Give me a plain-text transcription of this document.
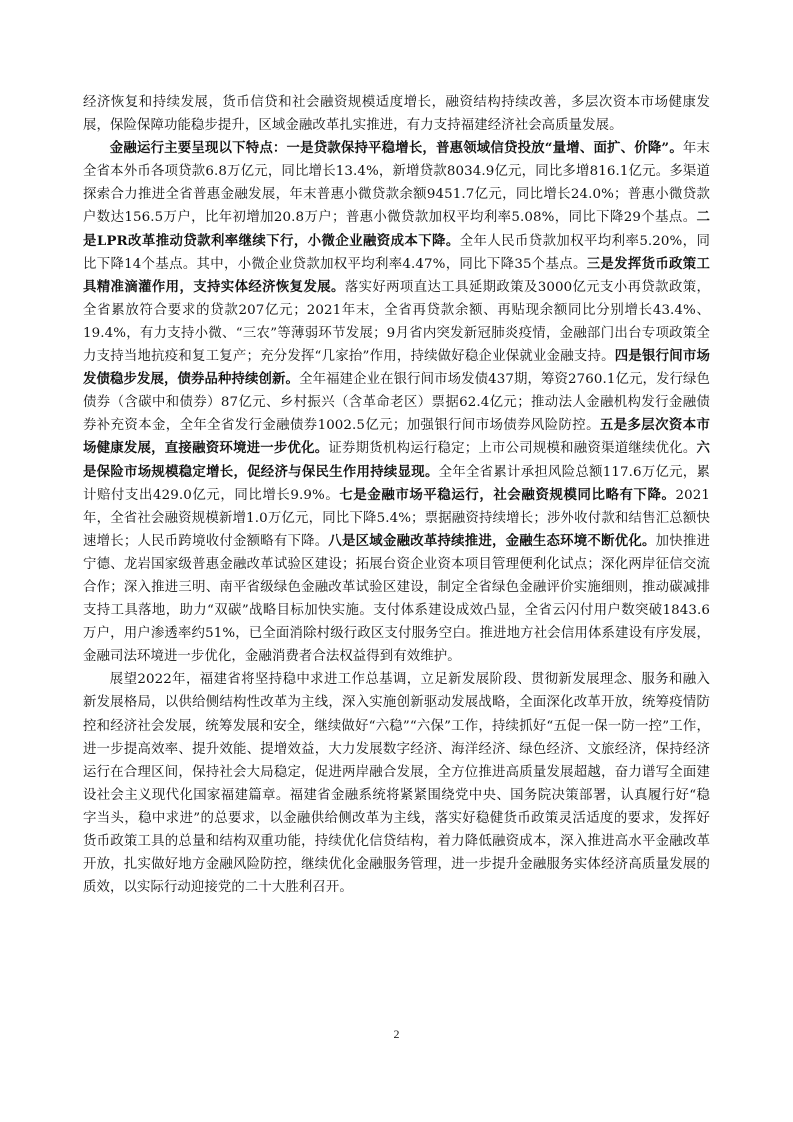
经济恢复和持续发展，货币信贷和社会融资规模适度增长，融资结构持续改善，多层次资本市场健康发展，保险保障功能稳步提升，区域金融改革扎实推进，有力支持福建经济社会高质量发展。

金融运行主要呈现以下特点：一是贷款保持平稳增长，普惠领域信贷投放“量增、面扩、价降”。年末全省本外币各项贷款6.8万亿元，同比增长13.4%，新增贷款8034.9亿元，同比多增816.1亿元。多渠道探索合力推进全省普惠金融发展，年末普惠小微贷款余额9451.7亿元，同比增长24.0%；普惠小微贷款户数达156.5万户，比年初增加20.8万户；普惠小微贷款加权平均利率5.08%，同比下降29个基点。二是LPR改革推动贷款利率继续下行，小微企业融资成本下降。全年人民币贷款加权平均利率5.20%，同比下降14个基点。其中，小微企业贷款加权平均利率4.47%，同比下降35个基点。三是发挥货币政策工具精准滴灌作用，支持实体经济恢复发展。落实好两项直达工具延期政策及3000亿元支小再贷款政策，全省累放符合要求的贷款207亿元；2021年末，全省再贷款余额、再贴现余额同比分别增长43.4%、19.4%，有力支持小微、“三农”等薄弱环节发展；9月省内突发新冠肺炎疫情，金融部门出台专项政策全力支持当地抗疫和复工复产；充分发挥“几家抬”作用，持续做好稳企业保就业金融支持。四是银行间市场发债稳步发展，债券品种持续创新。全年福建企业在银行间市场发债437期，筹资2760.1亿元，发行绿色债券（含碳中和债券）87亿元、乡村振兴（含革命老区）票据62.4亿元；推动法人金融机构发行金融债券补充资本金，全年全省发行金融债券1002.5亿元；加强银行间市场债券风险防控。五是多层次资本市场健康发展，直接融资环境进一步优化。证券期货机构运行稳定；上市公司规模和融资渠道继续优化。六是保险市场规模稳定增长，促经济与保民生作用持续显现。全年全省累计承担风险总额117.6万亿元，累计赔付支出429.0亿元，同比增长9.9%。七是金融市场平稳运行，社会融资规模同比略有下降。2021年，全省社会融资规模新增1.0万亿元，同比下降5.4%；票据融资持续增长；涉外收付款和结售汇总额快速增长；人民币跨境收付金额略有下降。八是区域金融改革持续推进，金融生态环境不断优化。加快推进宁德、龙岩国家级普惠金融改革试验区建设；拓展台资企业资本项目管理便利化试点；深化两岸征信交流合作；深入推进三明、南平省级绿色金融改革试验区建设，制定全省绿色金融评价实施细则，推动碳减排支持工具落地，助力“双碳”战略目标加快实施。支付体系建设成效凸显，全省云闪付用户数突破1843.6万户，用户渗透率约51%，已全面消除村级行政区支付服务空白。推进地方社会信用体系建设有序发展，金融司法环境进一步优化，金融消费者合法权益得到有效维护。

展望2022年，福建省将坚持稳中求进工作总基调，立足新发展阶段、贯彻新发展理念、服务和融入新发展格局，以供给侧结构性改革为主线，深入实施创新驱动发展战略，全面深化改革开放，统筹疫情防控和经济社会发展，统筹发展和安全，继续做好“六稳”“六保”工作，持续抓好“五促一保一防一控”工作，进一步提高效率、提升效能、提增效益，大力发展数字经济、海洋经济、绿色经济、文旅经济，保持经济运行在合理区间，保持社会大局稳定，促进两岸融合发展，全方位推进高质量发展超越，奋力谱写全面建设社会主义现代化国家福建篇章。福建省金融系统将紧紧围绕党中央、国务院决策部署，认真履行好“稳字当头，稳中求进”的总要求，以金融供给侧改革为主线，落实好稳健货币政策灵活适度的要求，发挥好货币政策工具的总量和结构双重功能，持续优化信贷结构，着力降低融资成本，深入推进高水平金融改革开放，扎实做好地方金融风险防控，继续优化金融服务管理，进一步提升金融服务实体经济高质量发展的质效，以实际行动迎接党的二十大胜利召开。

2
